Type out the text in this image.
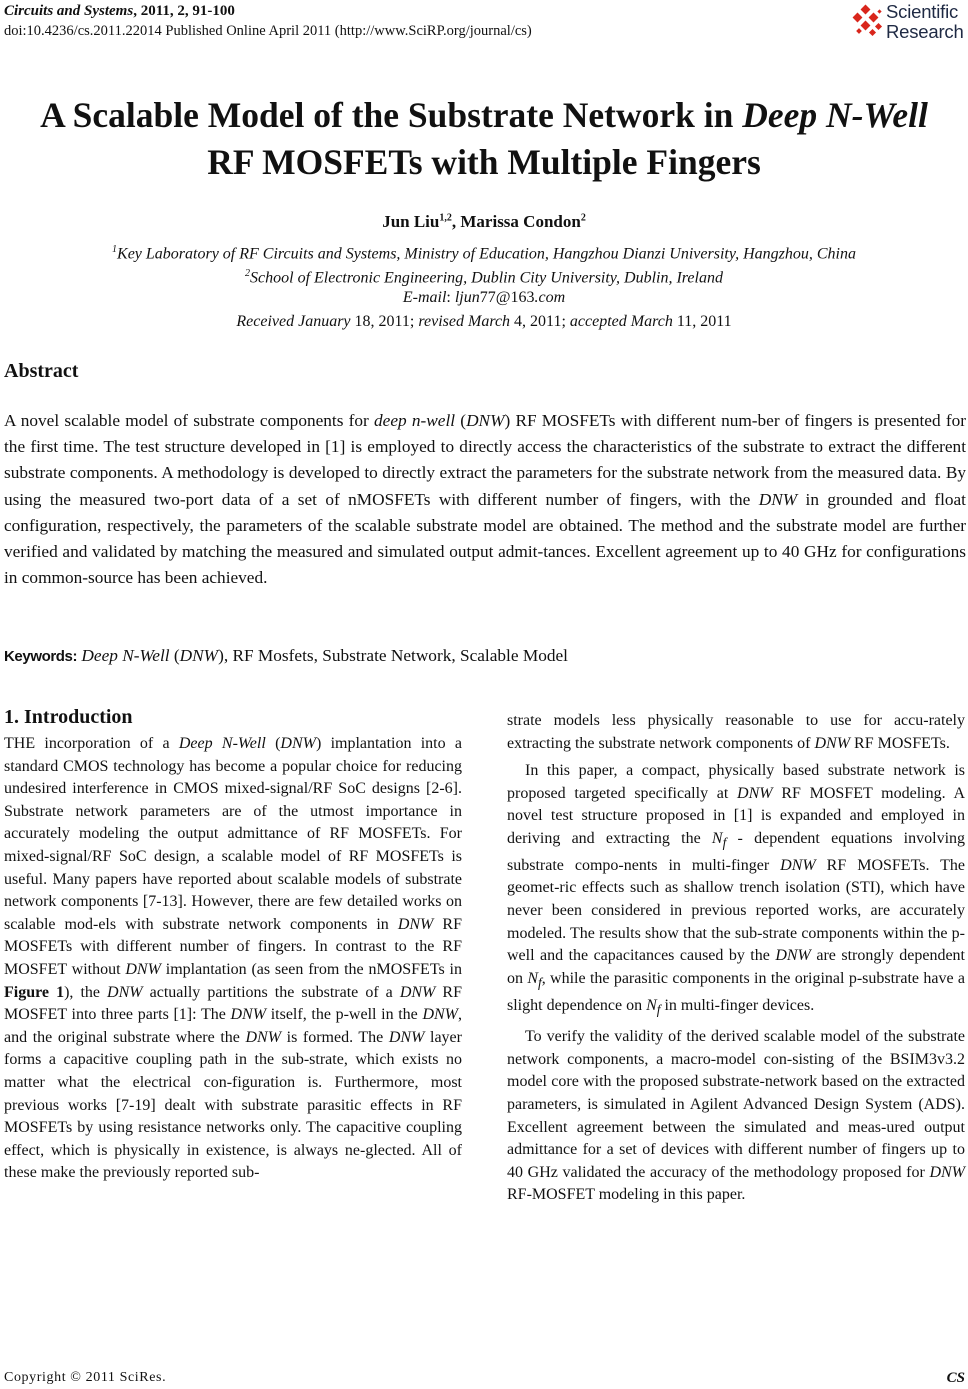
Circuits and Systems, 2011, 2, 91-100
doi:10.4236/cs.2011.22014 Published Online April 2011 (http://www.SciRP.org/journal/cs)
Scientific
Research
A Scalable Model of the Substrate Network in Deep N-Well
RF MOSFETs with Multiple Fingers
Jun Liu$^{1,2}$, Marissa Condon$^2$
$^1$Key Laboratory of RF Circuits and Systems, Ministry of Education, Hangzhou Dianzi University, Hangzhou, China
$^2$School of Electronic Engineering, Dublin City University, Dublin, Ireland
E-mail: ljun77@163.com
Received January 18, 2011; revised March 4, 2011; accepted March 11, 2011
Abstract
A novel scalable model of substrate components for deep n-well (DNW) RF MOSFETs with different num-ber of fingers is presented for the first time. The test structure developed in [1] is employed to directly access the characteristics of the substrate to extract the different substrate components. A methodology is developed to directly extract the parameters for the substrate network from the measured data. By using the measured two-port data of a set of nMOSFETs with different number of fingers, with the DNW in grounded and float configuration, respectively, the parameters of the scalable substrate model are obtained. The method and the substrate model are further verified and validated by matching the measured and simulated output admit-tances. Excellent agreement up to 40 GHz for configurations in common-source has been achieved.
Keywords: Deep N-Well (DNW), RF Mosfets, Substrate Network, Scalable Model
1. Introduction

THE incorporation of a Deep N-Well (DNW) implantation into a standard CMOS technology has become a popular choice for reducing undesired interference in CMOS mixed-signal/RF SoC designs [2-6]. Substrate network parameters are of the utmost importance in accurately modeling the output admittance of RF MOSFETs. For mixed-signal/RF SoC design, a scalable model of RF MOSFETs is useful. Many papers have reported about scalable models of substrate network components [7-13]. However, there are few detailed works on scalable mod-els with substrate network components in DNW RF MOSFETs with different number of fingers. In contrast to the RF MOSFET without DNW implantation (as seen from the nMOSFETs in Figure 1), the DNW actually partitions the substrate of a DNW RF MOSFET into three parts [1]: The DNW itself, the p-well in the DNW, and the original substrate where the DNW is formed. The DNW layer forms a capacitive coupling path in the sub-strate, which exists no matter what the electrical con-figuration is. Furthermore, most previous works [7-19] dealt with substrate parasitic effects in RF MOSFETs by using resistance networks only. The capacitive coupling effect, which is physically in existence, is always ne-glected. All of these make the previously reported sub-

strate models less physically reasonable to use for accu-rately extracting the substrate network components of DNW RF MOSFETs.

In this paper, a compact, physically based substrate network is proposed targeted specifically at DNW RF MOSFET modeling. A novel test structure proposed in [1] is expanded and employed in deriving and extracting the $N_f$ - dependent equations involving substrate compo-nents in multi-finger DNW RF MOSFETs. The geomet-ric effects such as shallow trench isolation (STI), which have never been considered in previous reported works, are accurately modeled. The results show that the sub-strate components within the p-well and the capacitances caused by the DNW are strongly dependent on $N_f$, while the parasitic components in the original p-substrate have a slight dependence on $N_f$ in multi-finger devices.

To verify the validity of the derived scalable model of the substrate network components, a macro-model con-sisting of the BSIM3v3.2 model core with the proposed substrate-network based on the extracted parameters, is simulated in Agilent Advanced Design System (ADS). Excellent agreement between the simulated and meas-ured output admittance for a set of devices with different number of fingers up to 40 GHz validated the accuracy of the methodology proposed for DNW RF-MOSFET modeling in this paper.

Copyright © 2011 SciRes.	CS
